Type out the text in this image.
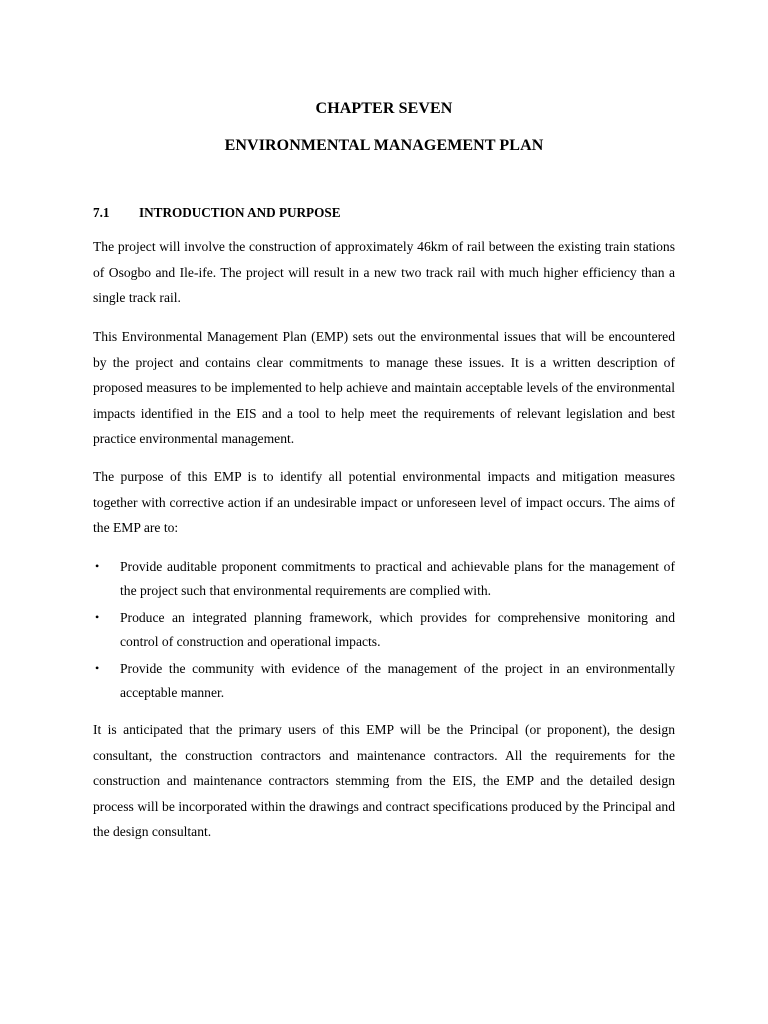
CHAPTER SEVEN
ENVIRONMENTAL MANAGEMENT PLAN
7.1 INTRODUCTION AND PURPOSE

The project will involve the construction of approximately 46km of rail between the existing train stations of Osogbo and Ile-ife. The project will result in a new two track rail with much higher efficiency than a single track rail.

This Environmental Management Plan (EMP) sets out the environmental issues that will be encountered by the project and contains clear commitments to manage these issues. It is a written description of proposed measures to be implemented to help achieve and maintain acceptable levels of the environmental impacts identified in the EIS and a tool to help meet the requirements of relevant legislation and best practice environmental management.

The purpose of this EMP is to identify all potential environmental impacts and mitigation measures together with corrective action if an undesirable impact or unforeseen level of impact occurs. The aims of the EMP are to:

• Provide auditable proponent commitments to practical and achievable plans for the management of the project such that environmental requirements are complied with.
• Produce an integrated planning framework, which provides for comprehensive monitoring and control of construction and operational impacts.
• Provide the community with evidence of the management of the project in an environmentally acceptable manner.

It is anticipated that the primary users of this EMP will be the Principal (or proponent), the design consultant, the construction contractors and maintenance contractors. All the requirements for the construction and maintenance contractors stemming from the EIS, the EMP and the detailed design process will be incorporated within the drawings and contract specifications produced by the Principal and the design consultant.
